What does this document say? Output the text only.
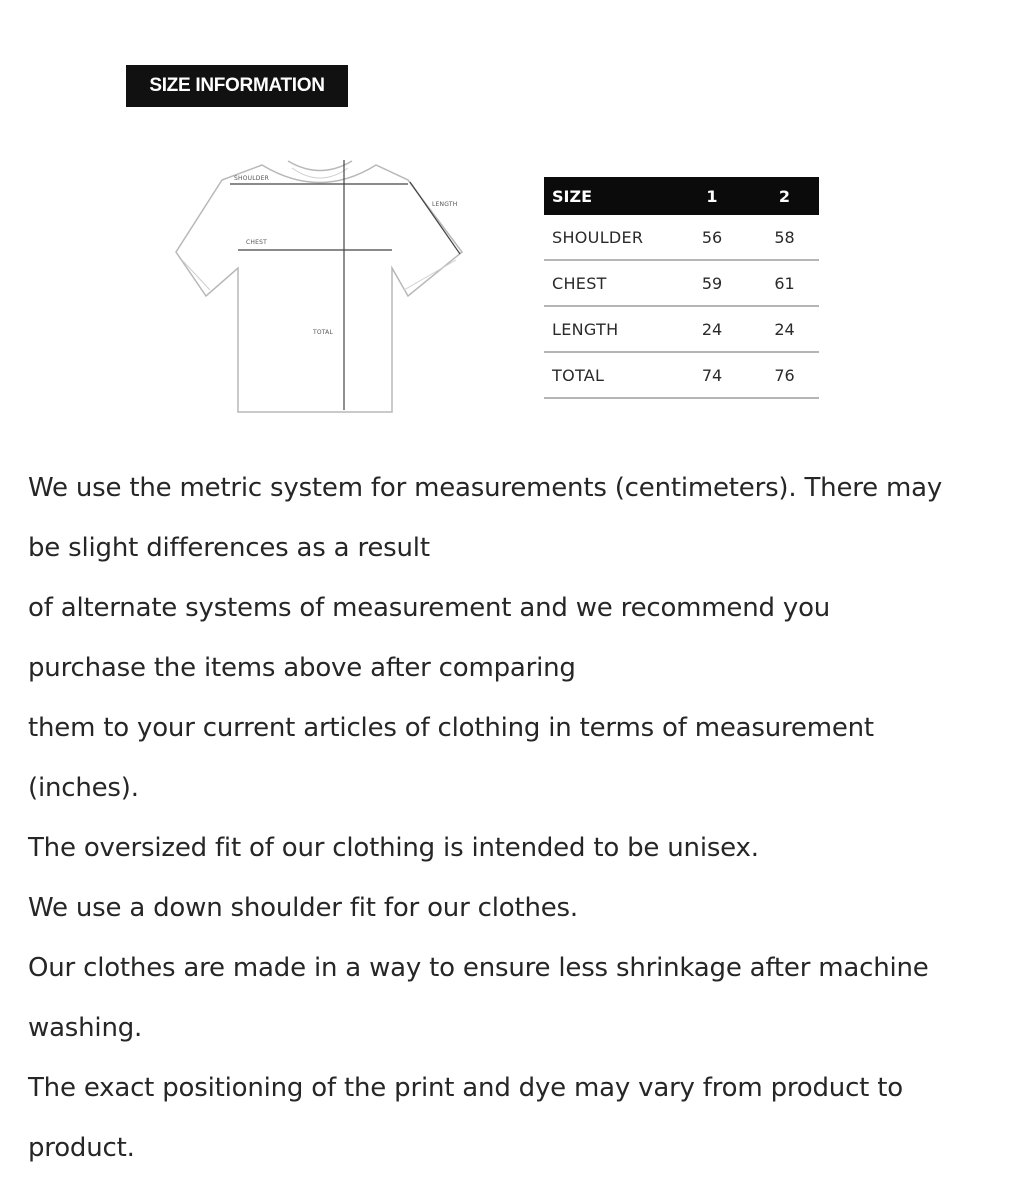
SIZE INFORMATION
SHOULDER
LENGTH
CHEST
TOTAL
SIZE	1	2
SHOULDER	56	58
CHEST	59	61
LENGTH	24	24
TOTAL	74	76

We use the metric system for measurements (centimeters). There may
be slight differences as a result
of alternate systems of measurement and we recommend you
purchase the items above after comparing
them to your current articles of clothing in terms of measurement
(inches).
The oversized fit of our clothing is intended to be unisex.
We use a down shoulder fit for our clothes.
Our clothes are made in a way to ensure less shrinkage after machine
washing.
The exact positioning of the print and dye may vary from product to
product.
